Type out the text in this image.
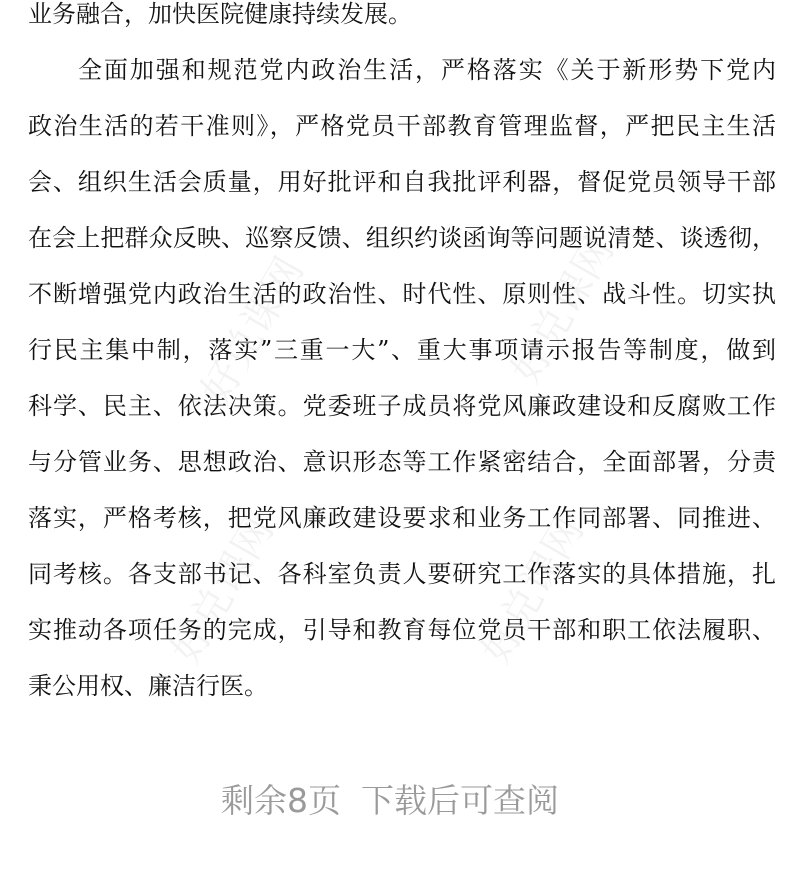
好兑课网	好兑课网
好兑课网	好兑课网
业务融合，加快医院健康持续发展。
全面加强和规范党内政治生活，严格落实《关于新形势下党内
政治生活的若干准则》，严格党员干部教育管理监督，严把民主生活
会、组织生活会质量，用好批评和自我批评利器，督促党员领导干部
在会上把群众反映、巡察反馈、组织约谈函询等问题说清楚、谈透彻，
不断增强党内政治生活的政治性、时代性、原则性、战斗性。切实执
行民主集中制，落实”三重一大”、重大事项请示报告等制度，做到
科学、民主、依法决策。党委班子成员将党风廉政建设和反腐败工作
与分管业务、思想政治、意识形态等工作紧密结合，全面部署，分责
落实，严格考核，把党风廉政建设要求和业务工作同部署、同推进、
同考核。各支部书记、各科室负责人要研究工作落实的具体措施，扎
实推动各项任务的完成，引导和教育每位党员干部和职工依法履职、
秉公用权、廉洁行医。
剩余8页 下载后可查阅
